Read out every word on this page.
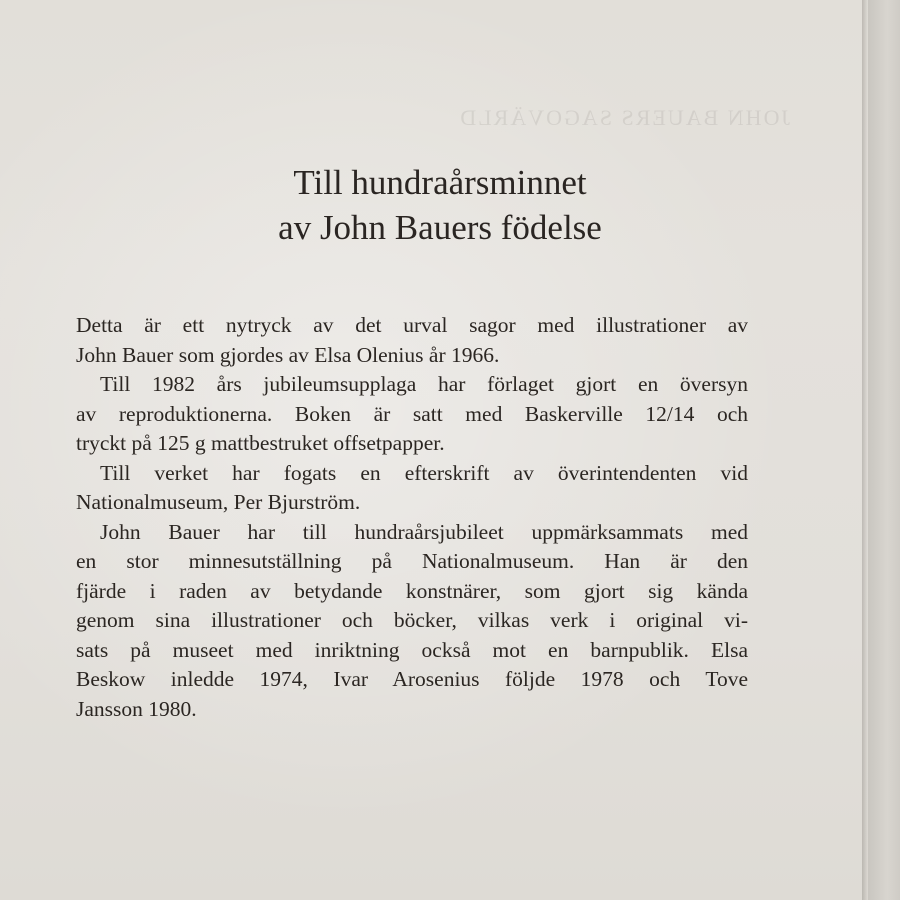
JOHN BAUERS SAGOVÄRLD
Till hundraårsminnet
av John Bauers födelse

Detta är ett nytryck av det urval sagor med illustrationer av
John Bauer som gjordes av Elsa Olenius år 1966.

Till 1982 års jubileumsupplaga har förlaget gjort en översyn
av reproduktionerna. Boken är satt med Baskerville 12/14 och
tryckt på 125 g mattbestruket offsetpapper.

Till verket har fogats en efterskrift av överintendenten vid
Nationalmuseum, Per Bjurström.

John Bauer har till hundraårsjubileet uppmärksammats med
en stor minnesutställning på Nationalmuseum. Han är den
fjärde i raden av betydande konstnärer, som gjort sig kända
genom sina illustrationer och böcker, vilkas verk i original vi-
sats på museet med inriktning också mot en barnpublik. Elsa
Beskow inledde 1974, Ivar Arosenius följde 1978 och Tove
Jansson 1980.
